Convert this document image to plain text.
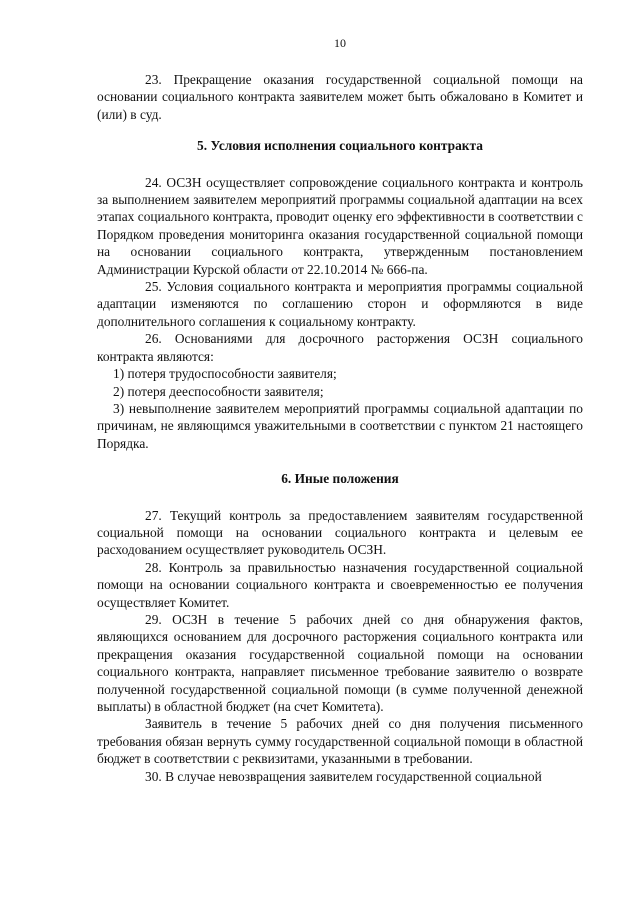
10

23. Прекращение оказания государственной социальной помощи на основании социального контракта заявителем может быть обжаловано в Комитет и (или) в суд.

5. Условия исполнения социального контракта

24. ОСЗН осуществляет сопровождение социального контракта и контроль за выполнением заявителем мероприятий программы социальной адаптации на всех этапах социального контракта, проводит оценку его эффективности в соответствии с Порядком проведения мониторинга оказания государственной социальной помощи на основании социального контракта, утвержденным постановлением Администрации Курской области от 22.10.2014 № 666-па.

25. Условия социального контракта и мероприятия программы социальной адаптации изменяются по соглашению сторон и оформляются в виде дополнительного соглашения к социальному контракту.

26. Основаниями для досрочного расторжения ОСЗН социального контракта являются:

1) потеря трудоспособности заявителя;

2) потеря дееспособности заявителя;

3) невыполнение заявителем мероприятий программы социальной адаптации по причинам, не являющимся уважительными в соответствии с пунктом 21 настоящего Порядка.

6. Иные положения

27. Текущий контроль за предоставлением заявителям государственной социальной помощи на основании социального контракта и целевым ее расходованием осуществляет руководитель ОСЗН.

28. Контроль за правильностью назначения государственной социальной помощи на основании социального контракта и своевременностью ее получения осуществляет Комитет.

29. ОСЗН в течение 5 рабочих дней со дня обнаружения фактов, являющихся основанием для досрочного расторжения социального контракта или прекращения оказания государственной социальной помощи на основании социального контракта, направляет письменное требование заявителю о возврате полученной государственной социальной помощи (в сумме полученной денежной выплаты) в областной бюджет (на счет Комитета).

Заявитель в течение 5 рабочих дней со дня получения письменного требования обязан вернуть сумму государственной социальной помощи в областной бюджет в соответствии с реквизитами, указанными в требовании.

30. В случае невозвращения заявителем государственной социальной
